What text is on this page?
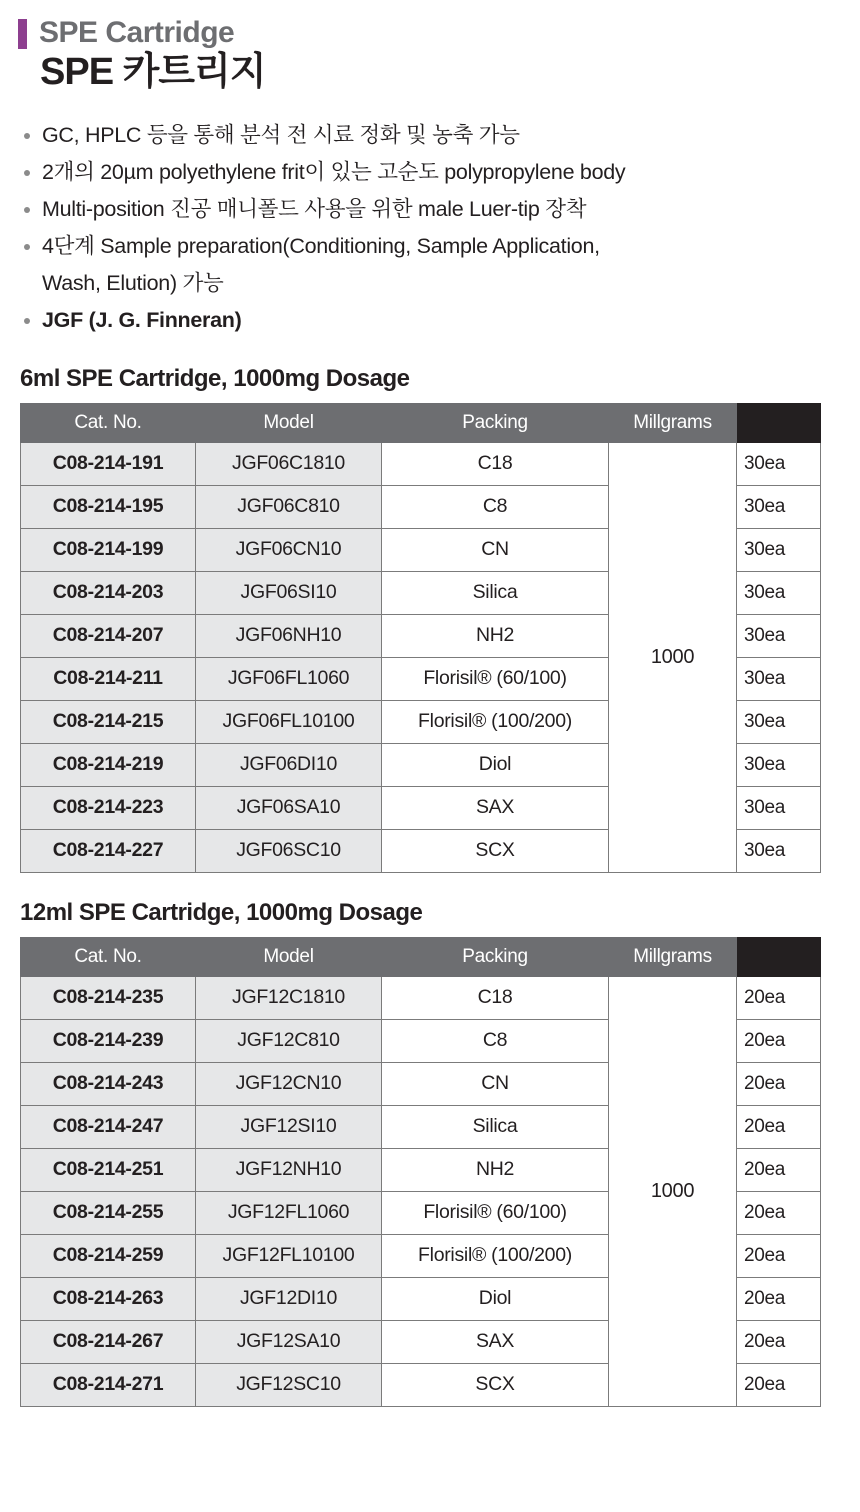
SPE Cartridge
SPE 카트리지
GC, HPLC 등을 통해 분석 전 시료 정화 및 농축 가능
2개의 20µm polyethylene frit이 있는 고순도 polypropylene body
Multi-position 진공 매니폴드 사용을 위한 male Luer-tip 장착
4단계 Sample preparation(Conditioning, Sample Application,
Wash, Elution) 가능
JGF (J. G. Finneran)
6ml SPE Cartridge, 1000mg Dosage
Cat. No.	Model	Packing	Millgrams	
C08-214-191	JGF06C1810	C18	1000	30ea
C08-214-195	JGF06C810	C8		30ea
C08-214-199	JGF06CN10	CN		30ea
C08-214-203	JGF06SI10	Silica		30ea
C08-214-207	JGF06NH10	NH2		30ea
C08-214-211	JGF06FL1060	Florisil® (60/100)		30ea
C08-214-215	JGF06FL10100	Florisil® (100/200)		30ea
C08-214-219	JGF06DI10	Diol		30ea
C08-214-223	JGF06SA10	SAX		30ea
C08-214-227	JGF06SC10	SCX		30ea
12ml SPE Cartridge, 1000mg Dosage
Cat. No.	Model	Packing	Millgrams	
C08-214-235	JGF12C1810	C18	1000	20ea
C08-214-239	JGF12C810	C8		20ea
C08-214-243	JGF12CN10	CN		20ea
C08-214-247	JGF12SI10	Silica		20ea
C08-214-251	JGF12NH10	NH2		20ea
C08-214-255	JGF12FL1060	Florisil® (60/100)		20ea
C08-214-259	JGF12FL10100	Florisil® (100/200)		20ea
C08-214-263	JGF12DI10	Diol		20ea
C08-214-267	JGF12SA10	SAX		20ea
C08-214-271	JGF12SC10	SCX		20ea
